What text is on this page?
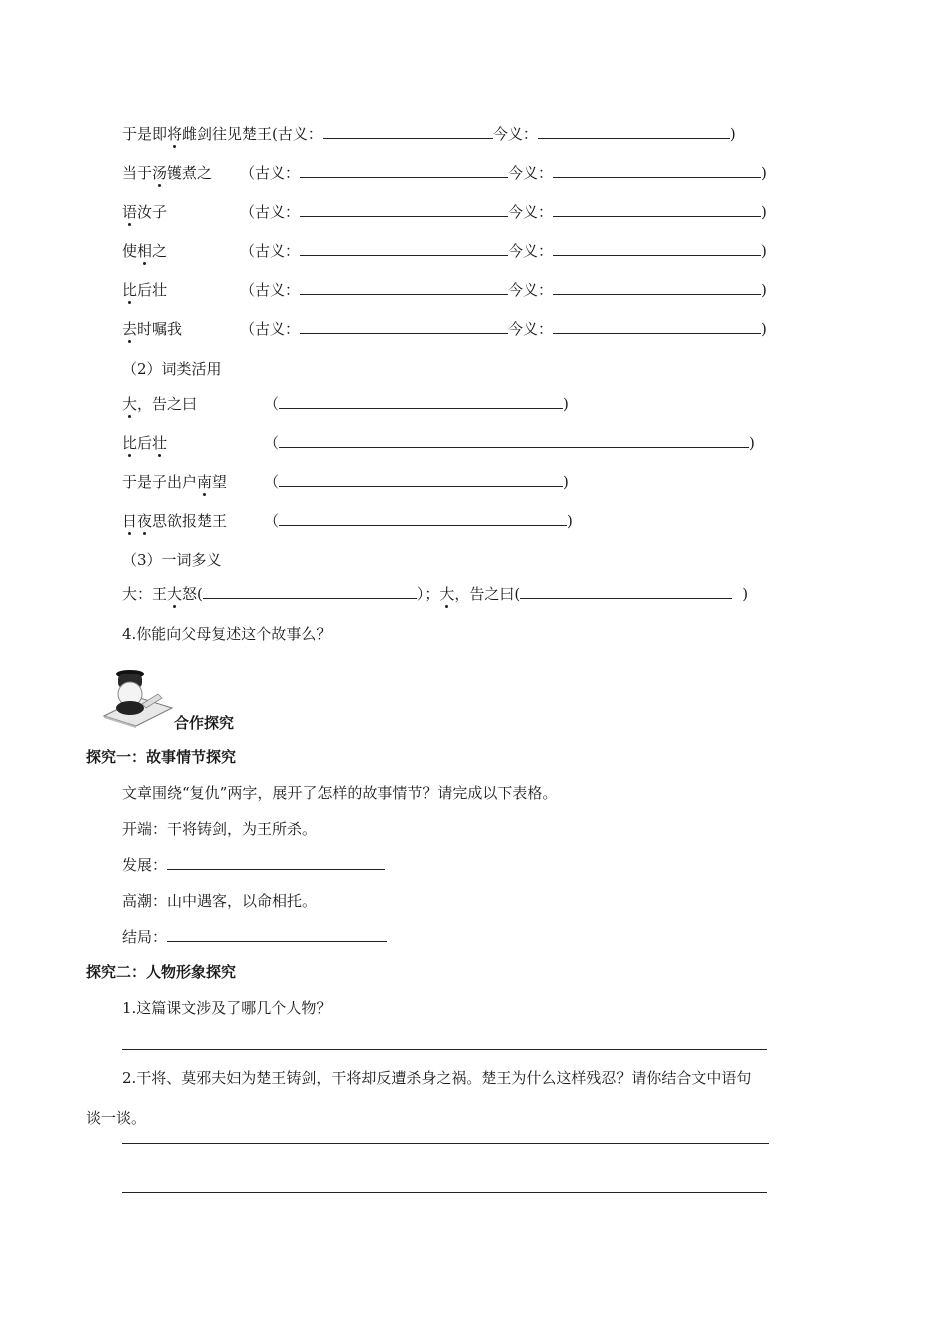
于是即将雌剑往见楚王(古义：	今义：	)
当于汤镬煮之 （古义：	今义：	)
语汝子	（古义：	今义：	)
使相之	（古义：	今义：	)
比后壮	（古义：	今义：	)
去时嘱我	（古义：	今义：	)
（2）词类活用
大，告之曰	（	)
比后壮	（	)
于是子出户南望 （	)
日夜思欲报楚王 （	)
（3）一词多义
大：王大怒(	）；大，告之曰(	)
4.你能向父母复述这个故事么？
合作探究
探究一：故事情节探究
文章围绕“复仇”两字，展开了怎样的故事情节？请完成以下表格。
开端：干将铸剑，为王所杀。
发展：
高潮：山中遇客，以命相托。
结局：
探究二：人物形象探究
1.这篇课文涉及了哪几个人物？
2.干将、莫邪夫妇为楚王铸剑，干将却反遭杀身之祸。楚王为什么这样残忍？请你结合文中语句
谈一谈。
